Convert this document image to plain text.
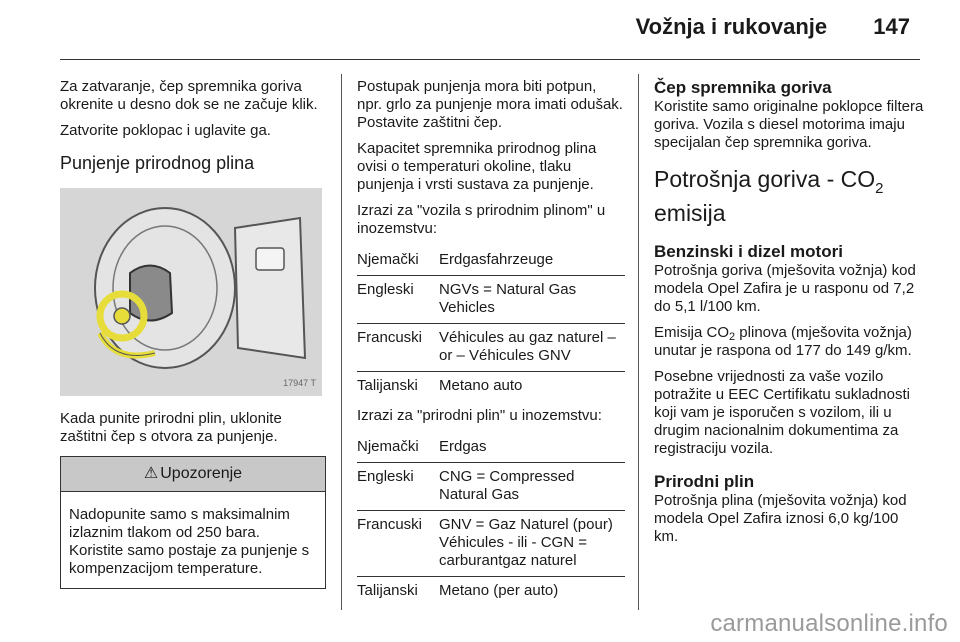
Vožnja i rukovanje 147

Za zatvaranje, čep spremnika goriva okrenite u desno dok se ne začuje klik.

Zatvorite poklopac i uglavite ga.

Punjenje prirodnog plina
17947 T

Kada punite prirodni plin, uklonite zaštitni čep s otvora za punjenje.

⚠ Upozorenje
Nadopunite samo s maksimalnim izlaznim tlakom od 250 bara. Koristite samo postaje za punjenje s kompenzacijom temperature.

Postupak punjenja mora biti potpun, npr. grlo za punjenje mora imati odušak. Postavite zaštitni čep.

Kapacitet spremnika prirodnog plina ovisi o temperaturi okoline, tlaku punjenja i vrsti sustava za punjenje.

Izrazi za "vozila s prirodnim plinom" u inozemstvu:

Njemački	Erdgasfahrzeuge
Engleski	NGVs = Natural Gas Vehicles
Francuski	Véhicules au gaz naturel – or – Véhicules GNV
Talijanski	Metano auto

Izrazi za "prirodni plin" u inozemstvu:

Njemački	Erdgas
Engleski	CNG = Compressed Natural Gas
Francuski	GNV = Gaz Naturel (pour) Véhicules - ili - CGN = carburantgaz naturel
Talijanski	Metano (per auto)
Čep spremnika goriva

Koristite samo originalne poklopce filtera goriva. Vozila s diesel motorima imaju specijalan čep spremnika goriva.

Potrošnja goriva - $CO_2$
emisija
Benzinski i dizel motori

Potrošnja goriva (mješovita vožnja) kod modela Opel Zafira je u rasponu od 7,2 do 5,1 l/100 km.

Emisija $CO_2$ plinova (mješovita vožnja) unutar je raspona od 177 do 149 g/km.

Posebne vrijednosti za vaše vozilo potražite u EEC Certifikatu sukladnosti koji vam je isporučen s vozilom, ili u drugim nacionalnim dokumentima za registraciju vozila.

Prirodni plin

Potrošnja plina (mješovita vožnja) kod modela Opel Zafira iznosi 6,0 kg/100 km.

carmanualsonline.info
